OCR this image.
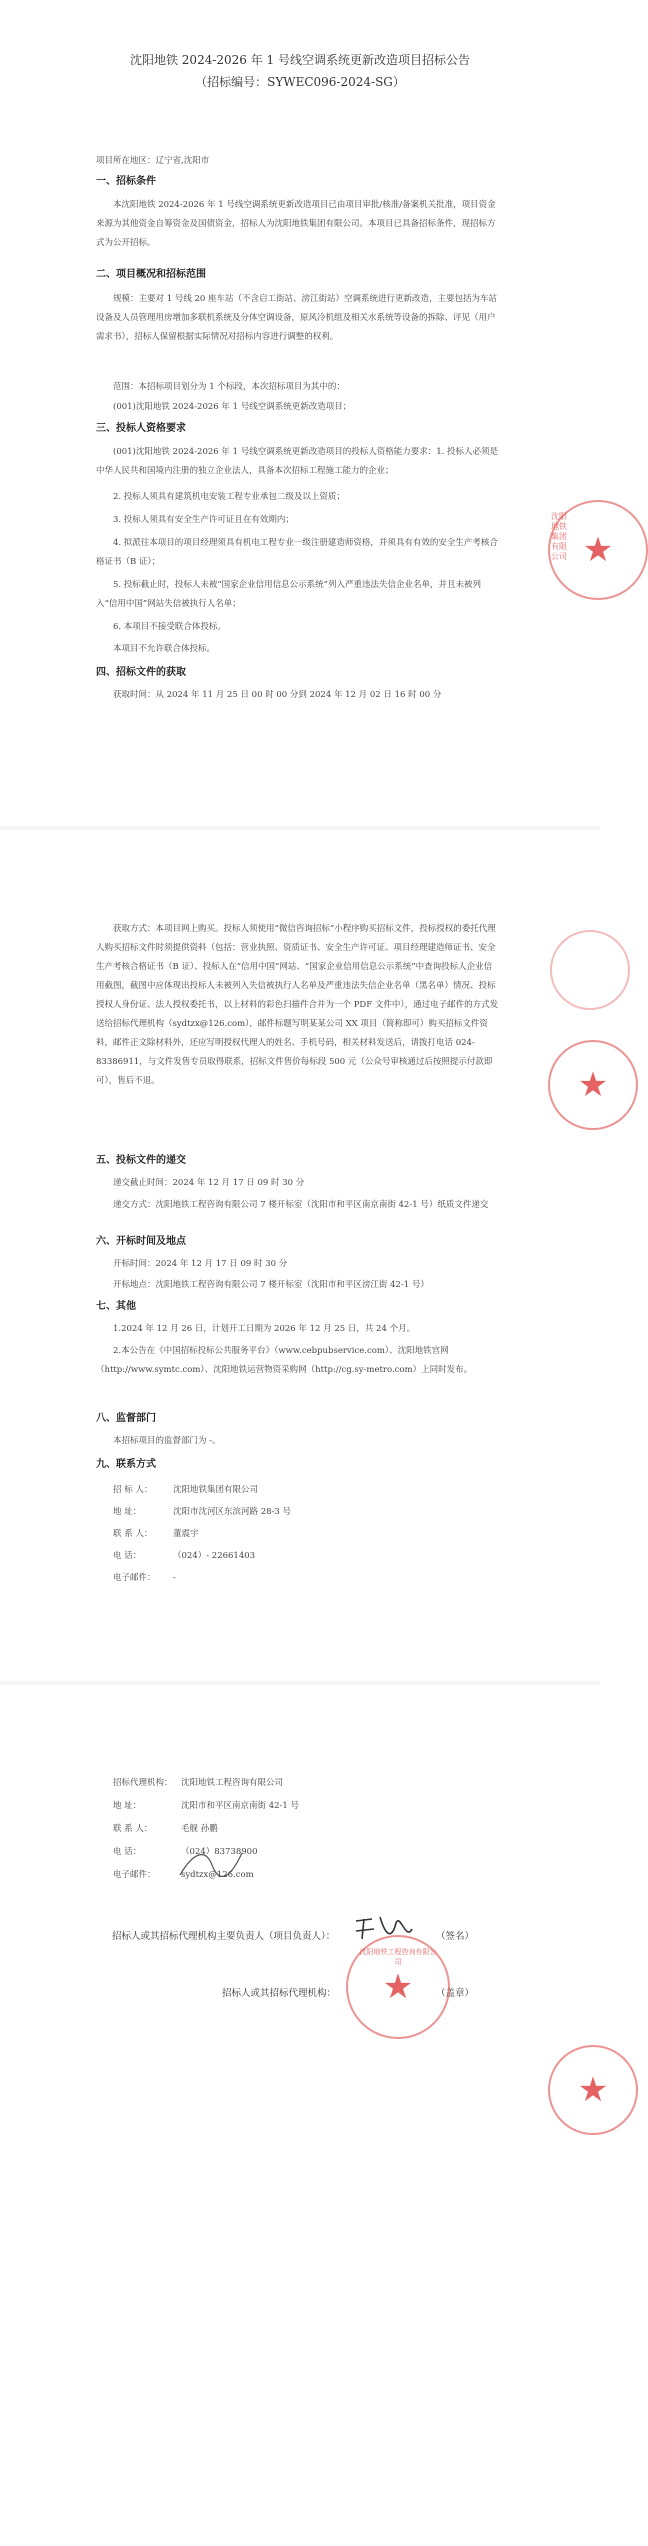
沈阳地铁 2024-2026 年 1 号线空调系统更新改造项目招标公告
（招标编号：SYWEC096-2024-SG）

项目所在地区：辽宁省,沈阳市

一、招标条件

本沈阳地铁 2024-2026 年 1 号线空调系统更新改造项目已由项目审批/核准/备案机关批准，项目资金来源为其他资金自筹资金及国债资金，招标人为沈阳地铁集团有限公司。本项目已具备招标条件，现招标方式为公开招标。

二、项目概况和招标范围

规模：主要对 1 号线 20 座车站（不含启工街站、滂江街站）空调系统进行更新改造，主要包括为车站设备及人员管理用房增加多联机系统及分体空调设备，原风冷机组及相关水系统等设备的拆除、评见（用户需求书），招标人保留根据实际情况对招标内容进行调整的权利。

范围：本招标项目划分为 1 个标段，本次招标项目为其中的：

(001)沈阳地铁 2024-2026 年 1 号线空调系统更新改造项目；

三、投标人资格要求

(001)沈阳地铁 2024-2026 年 1 号线空调系统更新改造项目的投标人资格能力要求：1. 投标人必须是中华人民共和国境内注册的独立企业法人，具备本次招标工程施工能力的企业；

2. 投标人须具有建筑机电安装工程专业承包二级及以上资质；

3. 投标人须具有安全生产许可证且在有效期内；

4. 拟派往本项目的项目经理须具有机电工程专业一级注册建造师资格，并须具有有效的安全生产考核合格证书（B 证）；

5. 投标截止时，投标人未被“国家企业信用信息公示系统”列入严重违法失信企业名单，并且未被列入“信用中国”网站失信被执行人名单；

6. 本项目不接受联合体投标。

本项目不允许联合体投标。

四、招标文件的获取

获取时间：从 2024 年 11 月 25 日 00 时 00 分到 2024 年 12 月 02 日 16 时 00 分

★
沈阳地铁集团有限公司

获取方式：本项目网上购买。投标人须使用“微信咨询招标”小程序购买招标文件，投标授权的委托代理人购买招标文件时须提供资料（包括：营业执照、资质证书、安全生产许可证、项目经理建造师证书、安全生产考核合格证书（B 证）、投标人在“信用中国”网站、“国家企业信用信息公示系统”中查询投标人企业信用截图，截图中应体现出投标人未被列入失信被执行人名单及严重违法失信企业名单（黑名单）情况、投标授权人身份证、法人授权委托书，以上材料的彩色扫描件合并为一个 PDF 文件中），通过电子邮件的方式发送给招标代理机构（sydtzx@126.com），邮件标题写明某某公司 XX 项目（简称即可）购买招标文件资料，邮件正文除材料外，还应写明授权代理人的姓名、手机号码，相关材料发送后，请拨打电话 024-83386911，与文件发售专员取得联系，招标文件售价每标段 500 元（公众号审核通过后按照提示付款即可），售后不退。

五、投标文件的递交

递交截止时间：2024 年 12 月 17 日 09 时 30 分

递交方式：沈阳地铁工程咨询有限公司 7 楼开标室（沈阳市和平区南京南街 42-1 号）纸质文件递交

六、开标时间及地点

开标时间：2024 年 12 月 17 日 09 时 30 分

开标地点：沈阳地铁工程咨询有限公司 7 楼开标室（沈阳市和平区滂江街 42-1 号）

七、其他

1.2024 年 12 月 26 日，计划开工日期为 2026 年 12 月 25 日，共 24 个月。

2.本公告在《中国招标投标公共服务平台》（www.cebpubservice.com）、沈阳地铁官网（http://www.symtc.com）、沈阳地铁运营物资采购网（http://cg.sy-metro.com）上同时发布。

八、监督部门

本招标项目的监督部门为 -。

九、联系方式

招 标 人： 沈阳地铁集团有限公司
地 址：	沈阳市沈河区东滨河路 28-3 号
联 系 人： 董震宇
电 话：	（024）- 22661403
电子邮件： -
★
招标代理机构： 沈阳地铁工程咨询有限公司
地 址：	沈阳市和平区南京南街 42-1 号
联 系 人：	毛舰 孙鹏
电 话：	（024）83738900
电子邮件：	sydtzx@126.com
招标人或其招标代理机构主要负责人（项目负责人）：	（签名）
招标人或其招标代理机构：	（盖章）
★
沈阳地铁工程咨询有限公司
★
